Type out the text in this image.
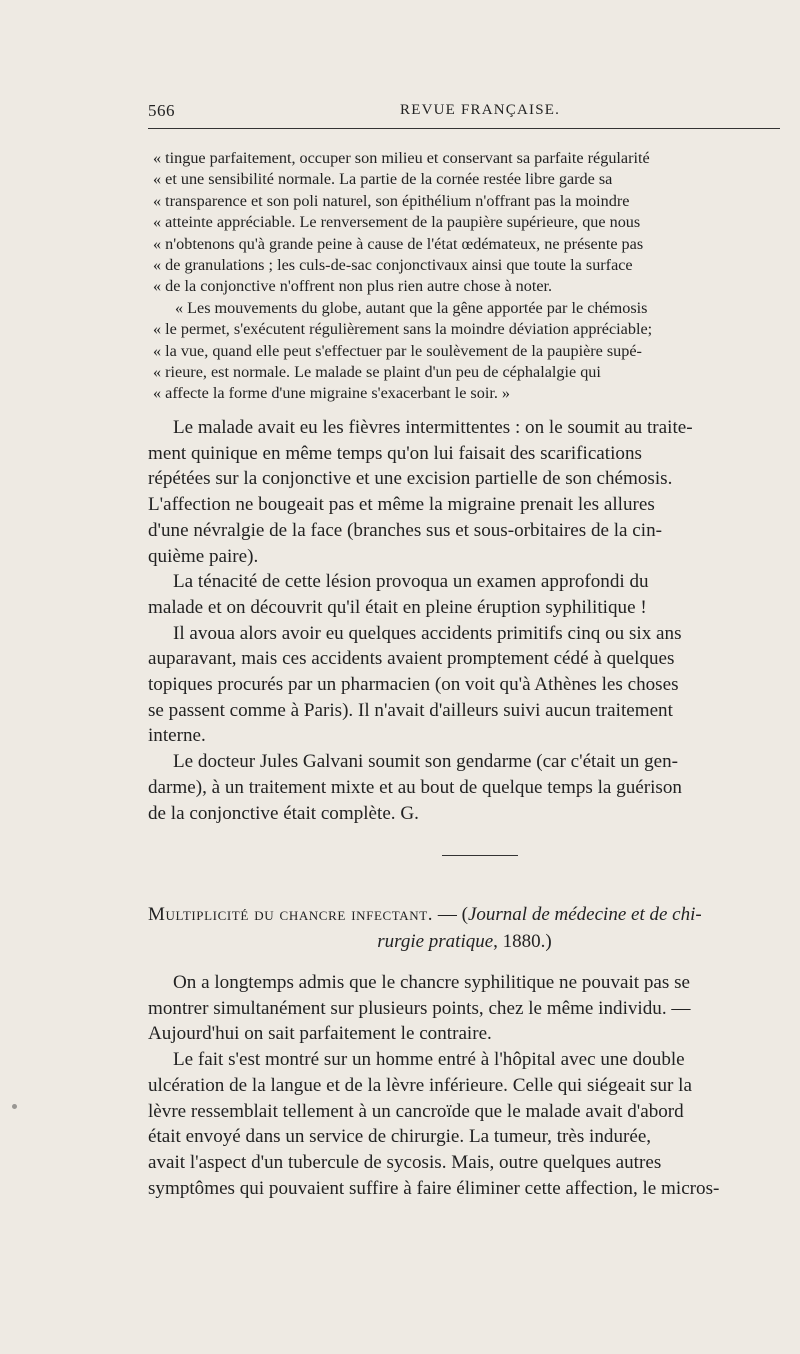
566	REVUE FRANÇAISE.
« tingue parfaitement, occuper son milieu et conservant sa parfaite régularité
« et une sensibilité normale. La partie de la cornée restée libre garde sa
« transparence et son poli naturel, son épithélium n'offrant pas la moindre
« atteinte appréciable. Le renversement de la paupière supérieure, que nous
« n'obtenons qu'à grande peine à cause de l'état œdémateux, ne présente pas
« de granulations ; les culs-de-sac conjonctivaux ainsi que toute la surface
« de la conjonctive n'offrent non plus rien autre chose à noter.
« Les mouvements du globe, autant que la gêne apportée par le chémosis
« le permet, s'exécutent régulièrement sans la moindre déviation appréciable;
« la vue, quand elle peut s'effectuer par le soulèvement de la paupière supé-
« rieure, est normale. Le malade se plaint d'un peu de céphalalgie qui
« affecte la forme d'une migraine s'exacerbant le soir. »
Le malade avait eu les fièvres intermittentes : on le soumit au traite-
ment quinique en même temps qu'on lui faisait des scarifications
répétées sur la conjonctive et une excision partielle de son chémosis.
L'affection ne bougeait pas et même la migraine prenait les allures
d'une névralgie de la face (branches sus et sous-orbitaires de la cin-
quième paire).
La ténacité de cette lésion provoqua un examen approfondi du
malade et on découvrit qu'il était en pleine éruption syphilitique !
Il avoua alors avoir eu quelques accidents primitifs cinq ou six ans
auparavant, mais ces accidents avaient promptement cédé à quelques
topiques procurés par un pharmacien (on voit qu'à Athènes les choses
se passent comme à Paris). Il n'avait d'ailleurs suivi aucun traitement
interne.
Le docteur Jules Galvani soumit son gendarme (car c'était un gen-
darme), à un traitement mixte et au bout de quelque temps la guérison
de la conjonctive était complète. G.
Multiplicité du chancre infectant. — (Journal de médecine et de chi-
rurgie pratique, 1880.)
On a longtemps admis que le chancre syphilitique ne pouvait pas se
montrer simultanément sur plusieurs points, chez le même individu. —
Aujourd'hui on sait parfaitement le contraire.
Le fait s'est montré sur un homme entré à l'hôpital avec une double
ulcération de la langue et de la lèvre inférieure. Celle qui siégeait sur la
lèvre ressemblait tellement à un cancroïde que le malade avait d'abord
était envoyé dans un service de chirurgie. La tumeur, très indurée,
avait l'aspect d'un tubercule de sycosis. Mais, outre quelques autres
symptômes qui pouvaient suffire à faire éliminer cette affection, le micros-
